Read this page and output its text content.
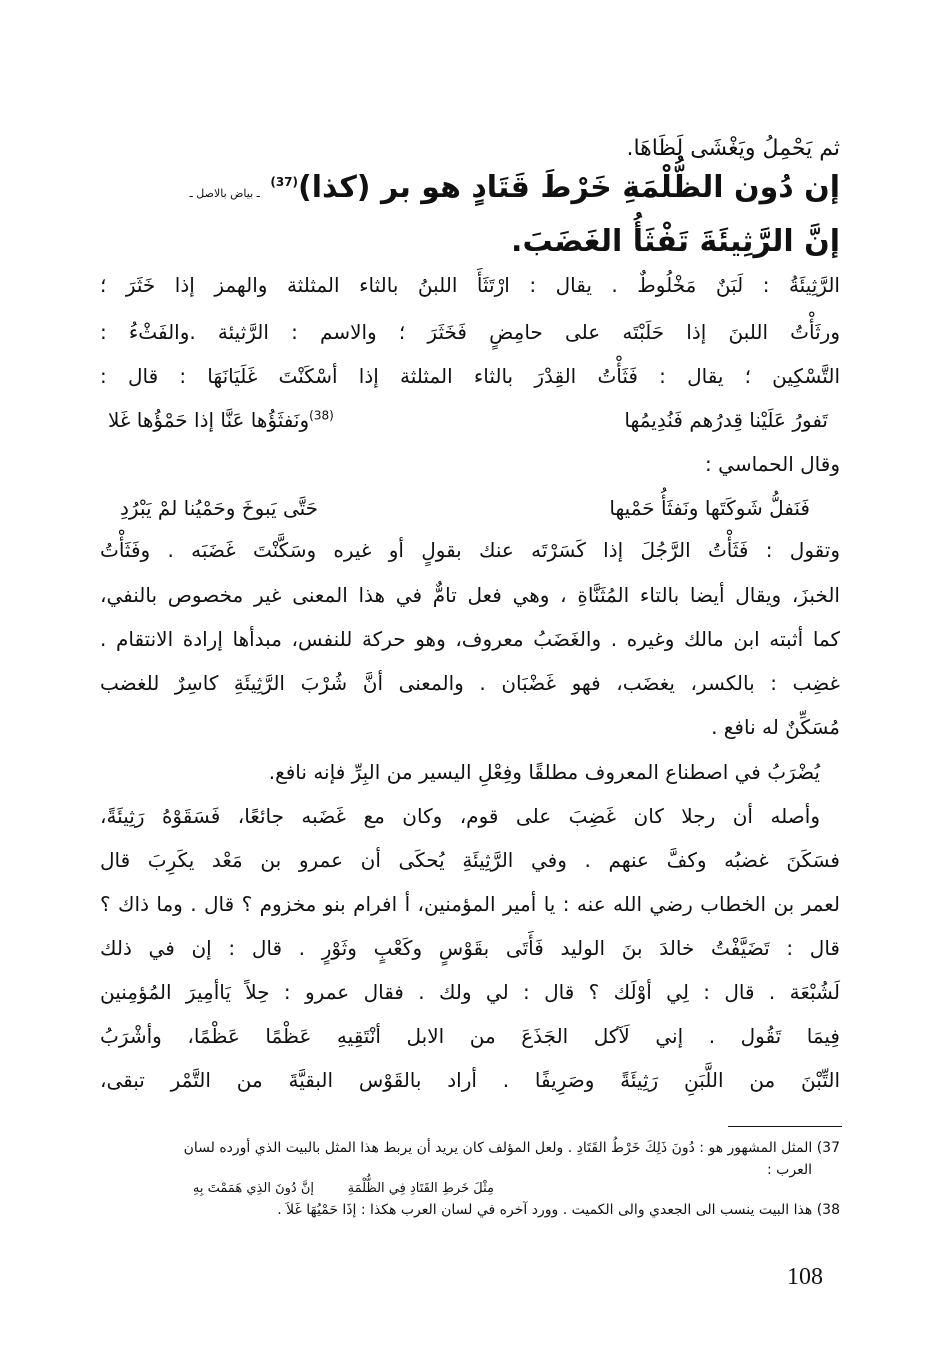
ثم يَحْمِلُ ويَغْشَى لَظَاهَا.
إن دُون الظُّلْمَةِ خَرْطَ قَتَادٍ هو بر (كذا)$^{(37)}$ ـ بياض بالاصل ـ
إنَّ الرَّثِيئَةَ تَفْثَأُ الغَضَبَ.
الرَّثِيئَةُ : لَبَنٌ مَخْلُوطٌ . يقال : ارْتَثَأَ اللبنُ بالثاء المثلثة والهمز إذا خَثَرَ ؛
ورثَأْتُ اللبنَ إذا حَلَبْتَه على حامِضٍ فَخَثَرَ ؛ والاسم : الرَّثيئة .والفَثْءُ :
التَّسْكِين ؛ يقال : فَثَأْتُ القِدْرَ بالثاء المثلثة إذا أسْكَنْتَ غَلَيَانَهَا : قال :
تَفورُ عَلَيْنا قِدرُهم فَنُدِيمُها
$^{(38)}$ونَفثَؤُها عَنَّا إذا حَمْؤُها غَلا
وقال الحماسي :
فَنَفلُّ شَوكَتَها ونَفثَأُ حَمْيها
حَتَّى يَبوخَ وحَمْيُنا لمْ يَبْرُدِ
وتقول : فَثَأْتُ الرَّجُلَ إذا كَسَرْتَه عنك بقولٍ أو غيره وسَكَّنْتَ غَضَبَه . وفَثَأْتُ
الخبزَ، ويقال أيضا بالتاء المُثَنَّاةِ ، وهي فعل تامٌّ في هذا المعنى غير مخصوص بالنفي،
كما أثبته ابن مالك وغيره . والغَضَبُ معروف، وهو حركة للنفس، مبدأها إرادة الانتقام .
غضِب : بالكسر، يغضَب، فهو غَضْبَان . والمعنى أنَّ شُرْبَ الرَّثِيئَةِ كاسِرٌ للغضب
مُسَكِّنٌ له نافع .
يُضْرَبُ في اصطناع المعروف مطلقًا وفِعْلِ اليسير من البِرِّ فإنه نافع.
وأصله أن رجلا كان غَضِبَ على قوم، وكان مع غَضَبه جائعًا، فَسَقَوْهُ رَثِيئَةً،
فسَكَنَ غضبُه وكفَّ عنهم . وفي الرَّثِيئَةِ يُحكَى أن عمرو بن مَعْد يكَرِبَ قال
لعمر بن الخطاب رضي الله عنه : يا أمير المؤمنين، أ افرام بنو مخزوم ؟ قال . وما ذاك ؟
قال : تَضَيَّفْتُ خالدَ بنَ الوليد فَأَتَى بقَوْسٍ وكَعْبٍ وثَوْرٍ . قال : إن في ذلك
لَشُبْعَة . قال : لِي أوْلَك ؟ قال : لي ولك . فقال عمرو : حِلاً يَاأمِيرَ المُؤمِنين
فِيمَا تَقُول . إني لَآكل الجَذَعَ من الابل أنْتَقِيهِ عَظْمًا عَظْمًا، وأشْرَبُ
التِّبْنَ من اللَّبَنِ رَثِيئَةً وصَرِيفًا . أراد بالقَوْس البقيَّةَ من التَّمْر تبقى،
37) المثل المشهور هو : دُونَ ذَلِكَ خَرْطُ القَتَادِ . ولعل المؤلف كان يريد أن يربط هذا المثل بالبيت الذي أورده لسان
العرب :
إنَّ دُونَ الذِي هَمَمْتَ بِهِ	مِثْلَ خَرطِ القَتَادِ فِي الظُّلْمَةِ
38) هذا البيت ينسب الى الجعدي والى الكميت . وورد آخره في لسان العرب هكذا : إذَا حَمْيُهَا غَلاَ .
108
